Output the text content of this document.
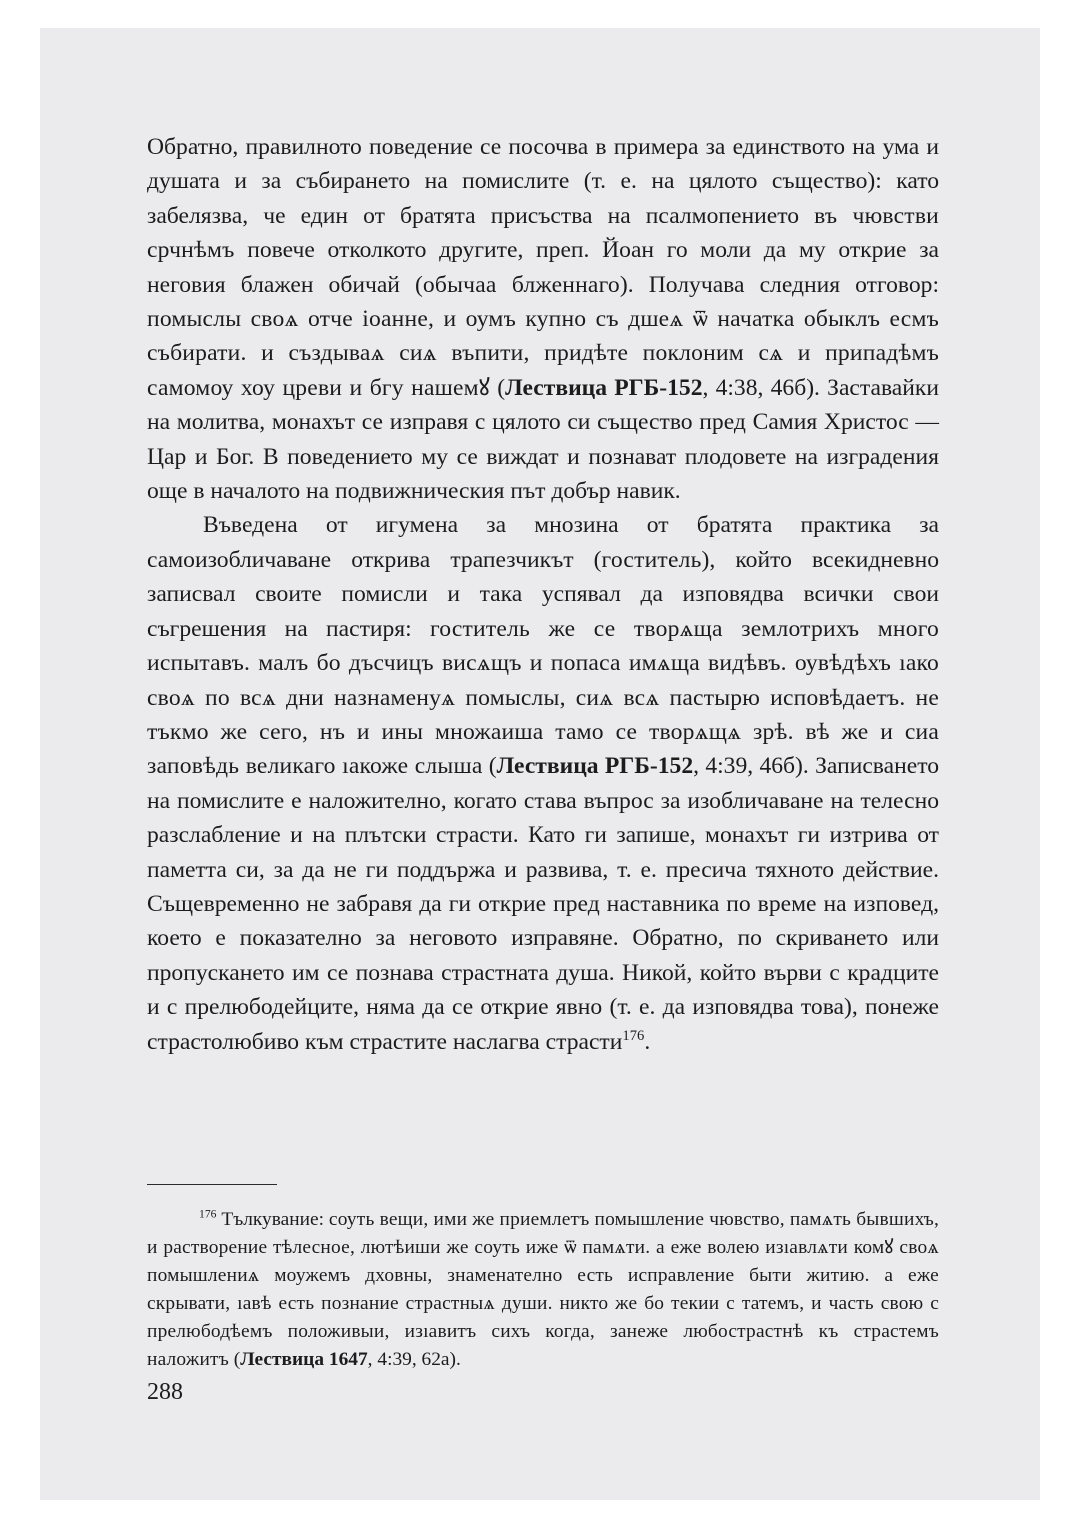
Обратно, правилното поведение се посочва в примера за единството на ума и душата и за събирането на помислите (т. е. на цялото същество): като забелязва, че един от братята присъства на псалмопението въ чювстви срчнѣмъ повече отколкото другите, преп. Йоан го моли да му открие за неговия блажен обичай (обычаа блженнаго). Получава следния отговор: помыслы своѧ отче iоанне, и оумъ купно съ дшеѧ ѿ начатка обыклъ есмъ събирати. и създываѧ сиѧ въпити, придѣте поклоним сѧ и припадѣмъ самомоу хоу цреви и бгу нашемꙋ (Лествица РГБ-152, 4:38, 46б). Заставайки на молитва, монахът се изправя с цялото си същество пред Самия Христос — Цар и Бог. В поведението му се виждат и познават плодовете на изградения още в началото на подвижническия път добър навик.

Въведена от игумена за мнозина от братята практика за самоизобличаване открива трапезчикът (гоститель), който всекидневно записвал своите помисли и така успявал да изповядва всички свои съгрешения на пастиря: гоститель же се творѧща землотрихъ много испытавъ. малъ бо дъсчицъ висѧщъ и попаса имѧща видѣвъ. оувѣдѣхъ ıако своѧ по всѧ дни назнаменуѧ помыслы, сиѧ всѧ пастырю исповѣдаетъ. не тъкмо же сего, нъ и ины множаиша тамо се творѧщѧ зрѣ. вѣ же и сиа заповѣдь великаго ıакоже слыша (Лествица РГБ-152, 4:39, 46б). Записването на помислите е наложително, когато става въпрос за изобличаване на телесно разслабление и на плътски страсти. Като ги запише, монахът ги изтрива от паметта си, за да не ги поддържа и развива, т. е. пресича тяхното действие. Същевременно не забравя да ги открие пред наставника по време на изповед, което е показателно за неговото изправяне. Обратно, по скриването или пропускането им се познава страстната душа. Никой, който върви с крадците и с прелюбодейците, няма да се открие явно (т. е. да изповядва това), понеже страстолюбиво към страстите наслагва страсти$^{176}$.

$^{176}$ Тълкувание: соуть вещи, ими же приемлетъ помышление чювство, памѧть бывшихъ, и растворение тѣлесное, лютѣиши же соуть иже ѿ памѧти. а еже волею изıавлѧти комꙋ своѧ помышлениѧ моужемъ дховны, знаменателно есть исправление быти житию. а еже скрывати, ıавѣ есть познание страстныѧ души. никто же бо текии с татемъ, и часть свою с прелюбодѣемъ положивыи, изıавитъ сихъ когда, занеже любострастнѣ къ страстемъ наложитъ (Лествица 1647, 4:39, 62а).
288
